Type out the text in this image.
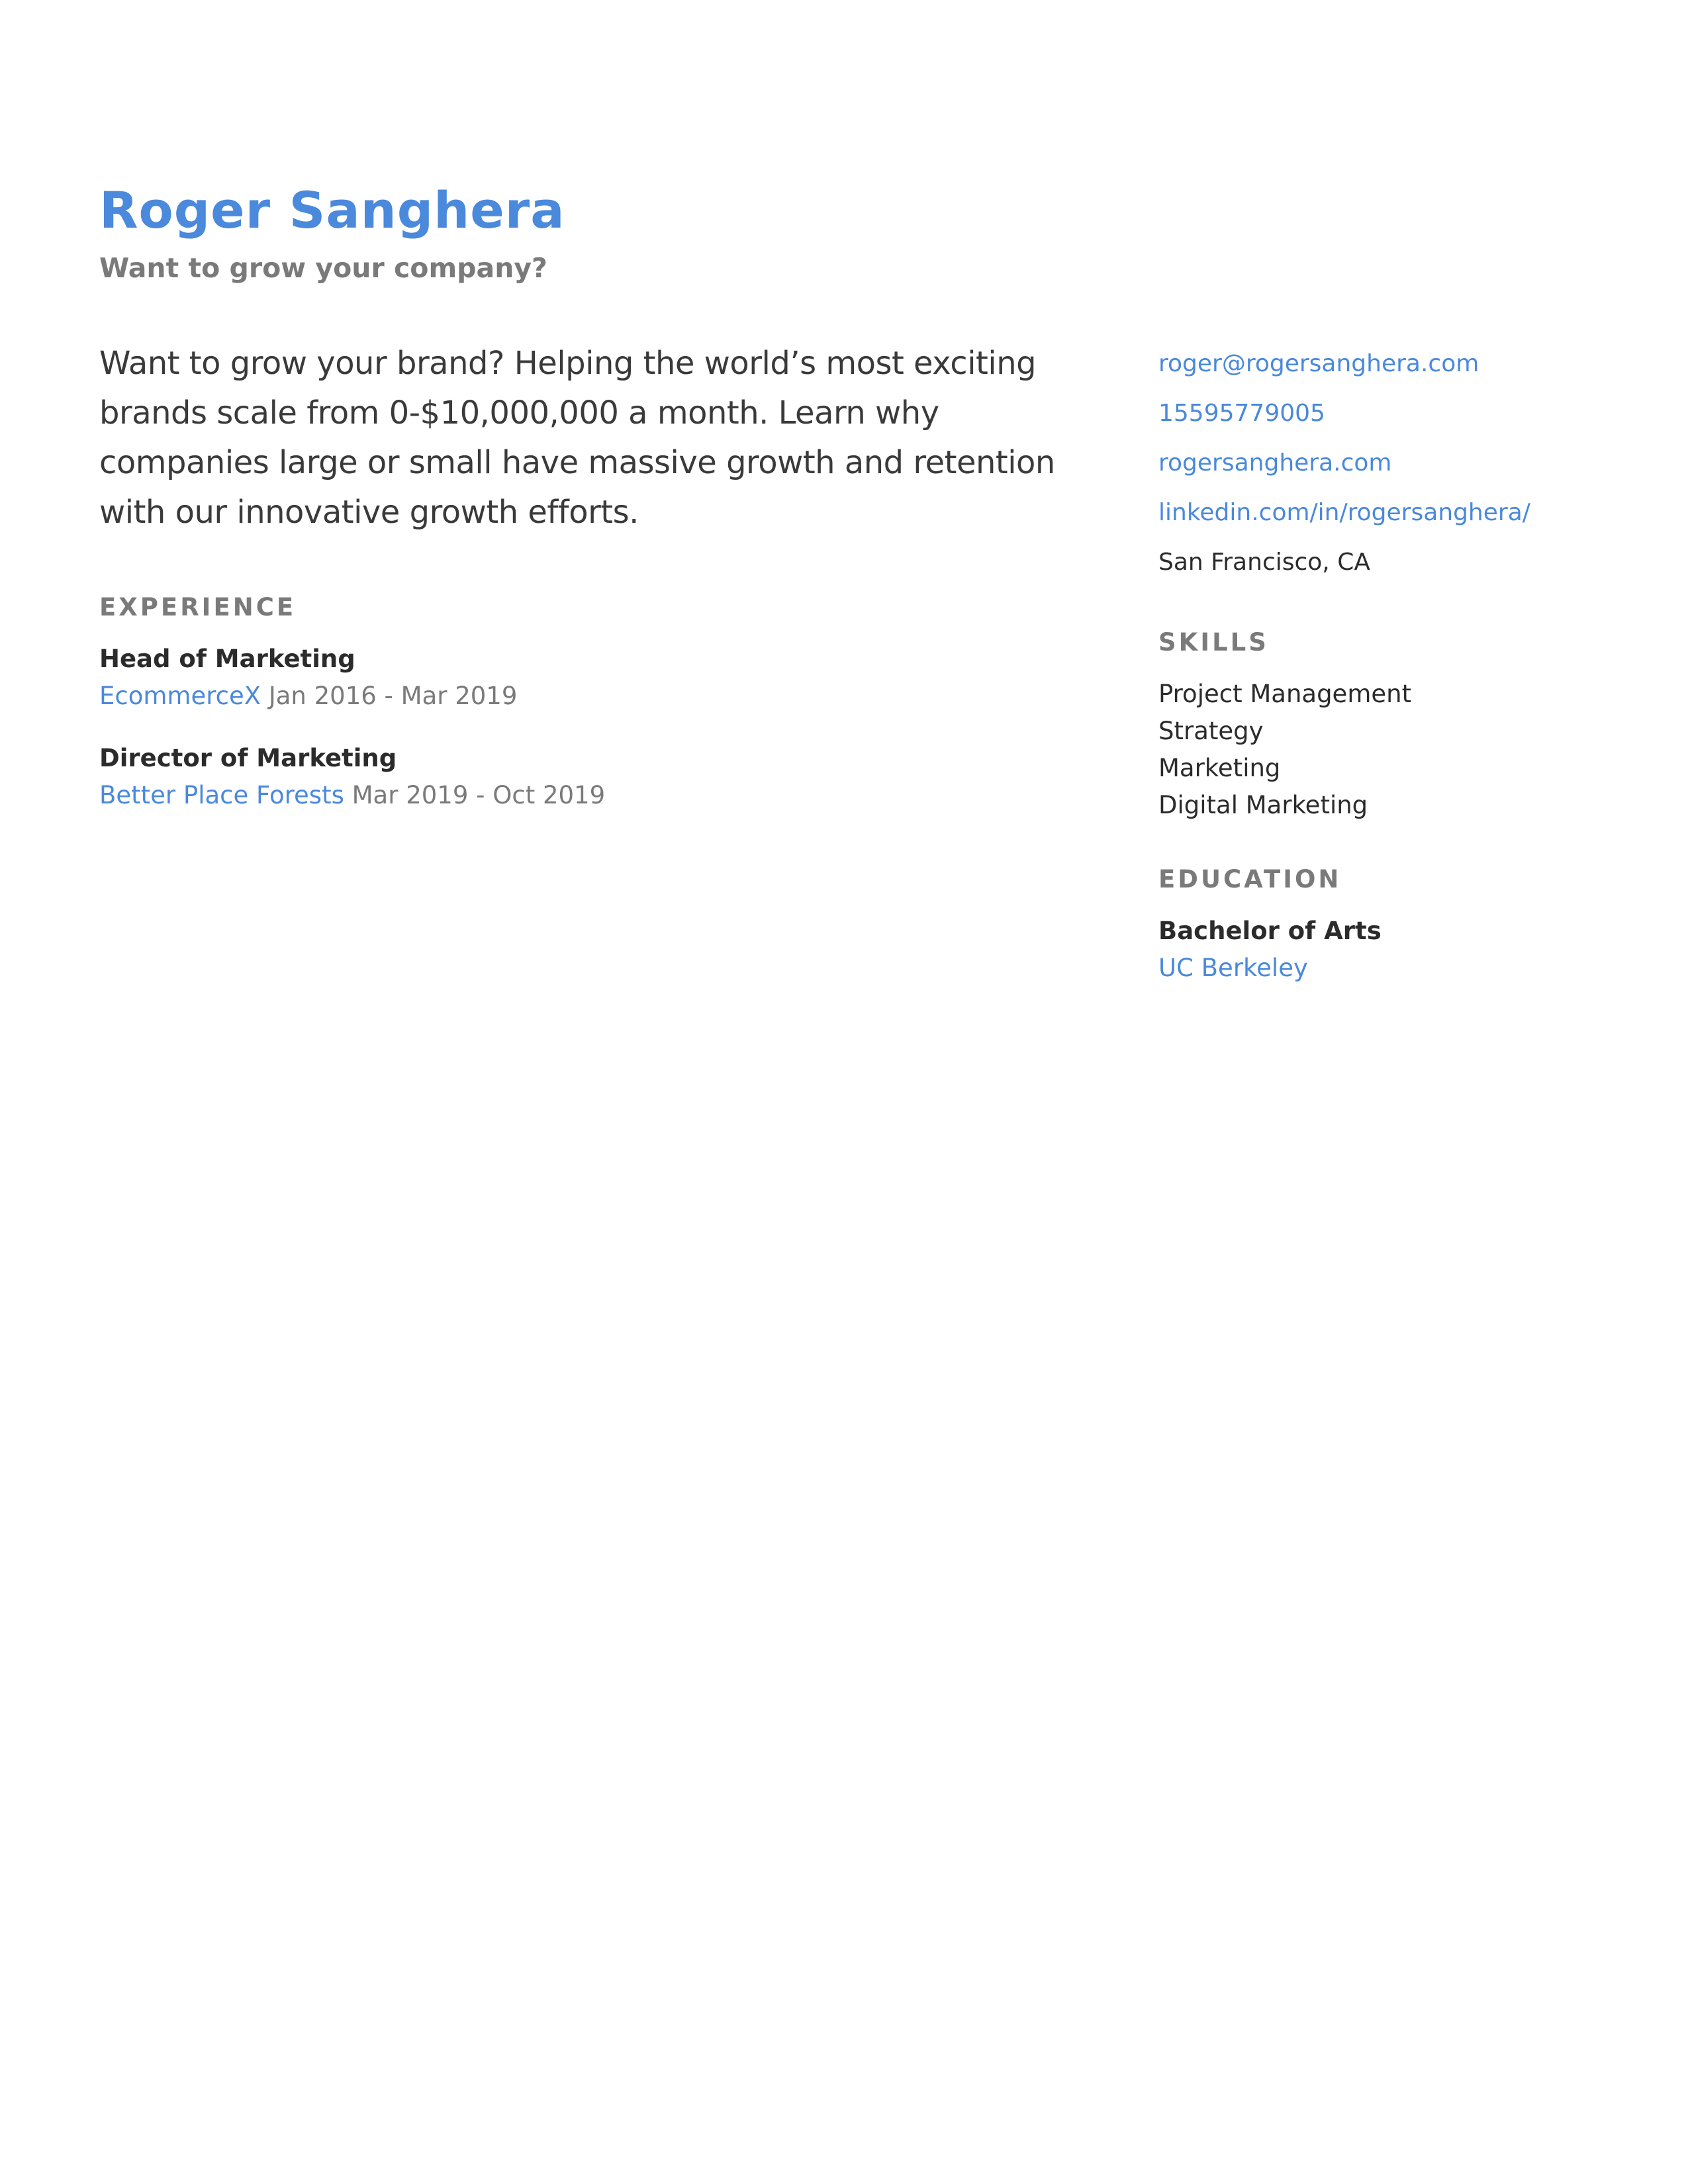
Roger Sanghera
Want to grow your company?

Want to grow your brand? Helping the world’s most exciting brands scale from 0-$10,000,000 a month. Learn why companies large or small have massive growth and retention with our innovative growth efforts.

EXPERIENCE
Head of Marketing
EcommerceX Jan 2016 - Mar 2019
Director of Marketing
Better Place Forests Mar 2019 - Oct 2019
roger@rogersanghera.com
15595779005
rogersanghera.com
linkedin.com/in/rogersanghera/
San Francisco, CA
SKILLS
Project Management
Strategy
Marketing
Digital Marketing
EDUCATION
Bachelor of Arts
UC Berkeley
